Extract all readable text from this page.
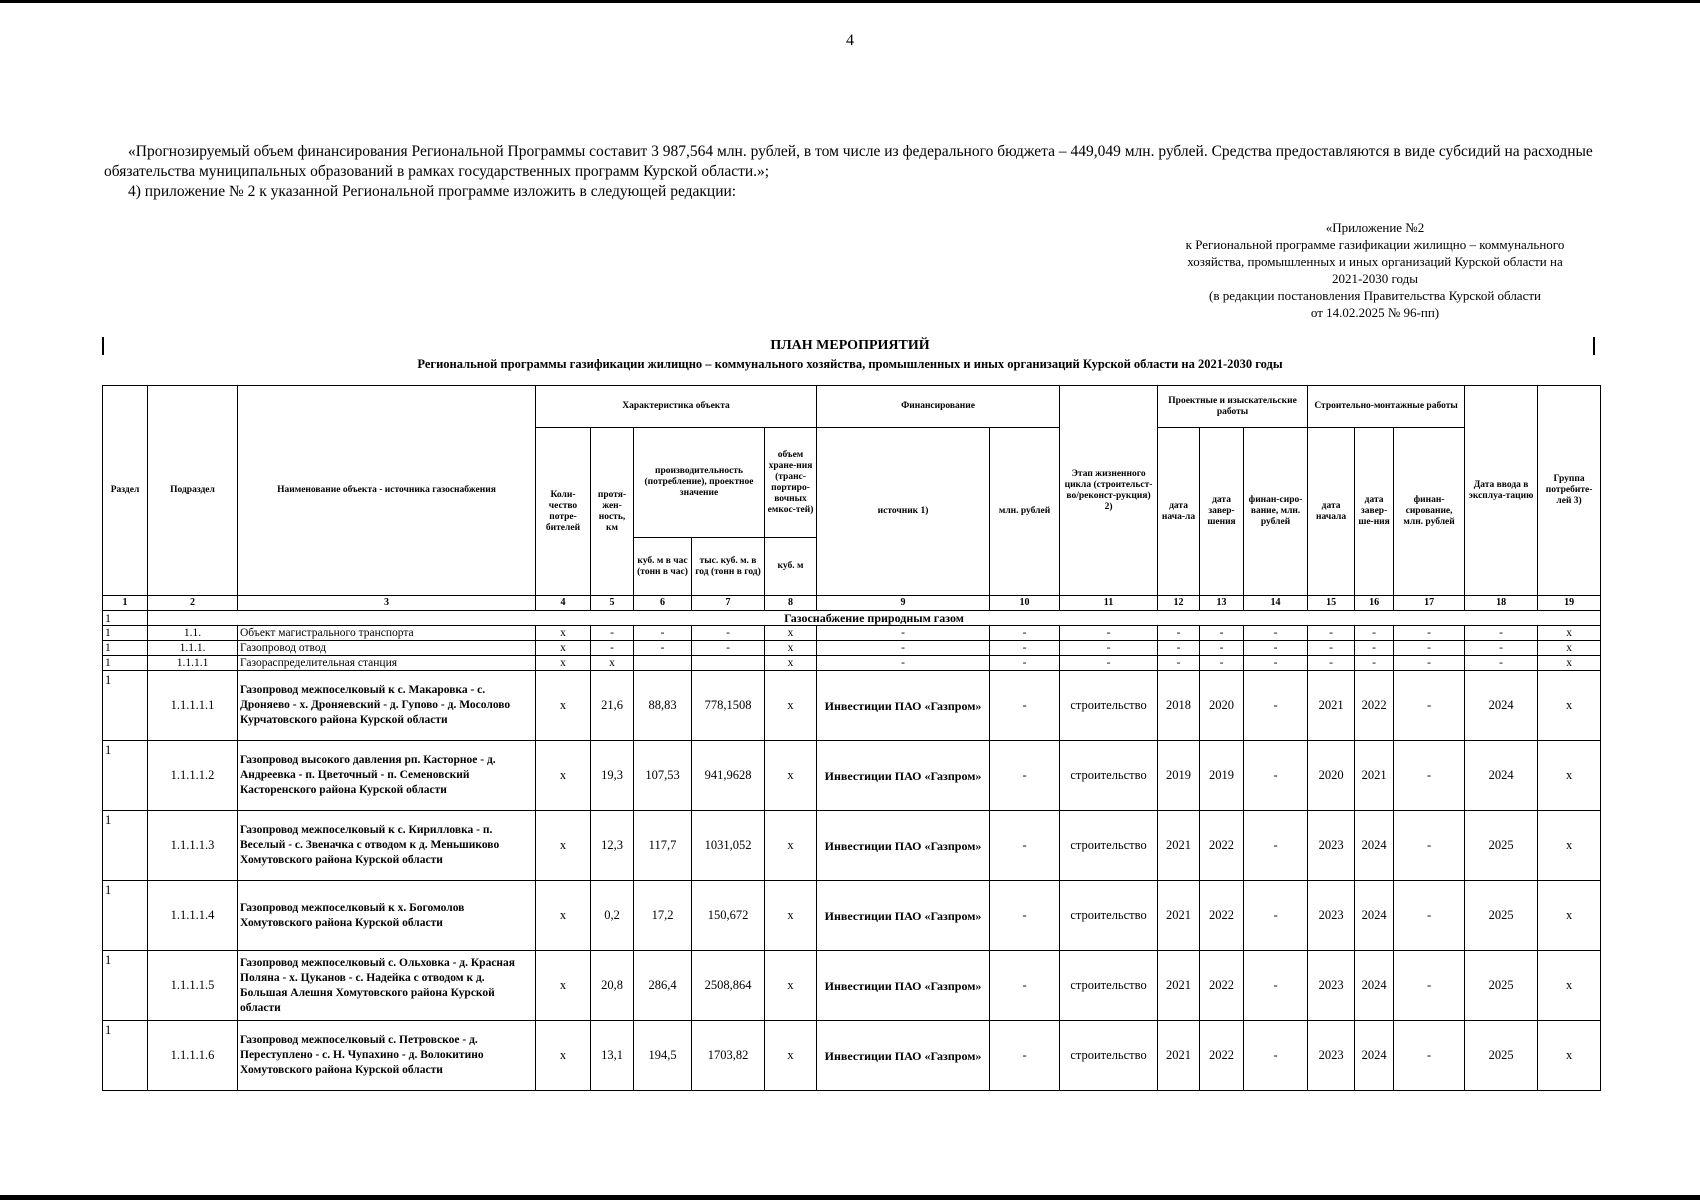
4

«Прогнозируемый объем финансирования Региональной Программы составит 3 987,564 млн. рублей, в том числе из федерального бюджета – 449,049 млн. рублей. Средства предоставляются в виде субсидий на расходные обязательства муниципальных образований в рамках государственных программ Курской области.»;

4) приложение № 2 к указанной Региональной программе изложить в следующей редакции:

«Приложение №2
к Региональной программе газификации жилищно – коммунального
хозяйства, промышленных и иных организаций Курской области на
2021-2030 годы
(в редакции постановления Правительства Курской области
от 14.02.2025 № 96-пп)
ПЛАН МЕРОПРИЯТИЙ
Региональной программы газификации жилищно – коммунального хозяйства, промышленных и иных организаций Курской области на 2021-2030 годы
Раздел	Подраздел	Наименование объекта - источника газоснабжения	Характеристика объекта					Финансирование		Этап жизненного цикла (строительст-во/реконст-рукция) 2)	Проектные и изыскательские работы			Строительно-монтажные работы			Дата ввода в эксплуа-тацию	Группа потребите-лей 3)
			Коли-чество потре-бителей	протя-жен-ность, км	производительность (потребление), проектное значение		объем хране-ния (транс-портиро-вочных емкос-тей)	источник 1)	млн. рублей		дата нача-ла	дата завер-шения	финан-сиро-вание, млн. рублей	дата начала	дата завер-ше-ния	финан-сирование, млн. рублей		
					куб. м в час (тонн в час)	тыс. куб. м. в год (тонн в год)	куб. м											
1	2	3	4	5	6	7	8	9	10	11	12	13	14	15	16	17	18	19
1	Газоснабжение природным газом																	
1	1.1.	Объект магистрального транспорта	x	-	-	-	x	-	-	-	-	-	-	-	-	-	-	x
1	1.1.1.	Газопровод отвод	x	-	-	-	x	-	-	-	-	-	-	-	-	-	-	x
1	1.1.1.1	Газораспределительная станция	x	x			x	-	-	-	-	-	-	-	-	-	-	x
1	1.1.1.1.1	Газопровод межпоселковый к с. Макаровка - с. Дроняево - х. Дроняевский - д. Гупово - д. Мосолово Курчатовского района Курской области	x	21,6	88,83	778,1508	x	Инвестиции ПАО «Газпром»	-	строительство	2018	2020	-	2021	2022	-	2024	x
1	1.1.1.1.2	Газопровод высокого давления рп. Касторное - д. Андреевка - п. Цветочный - п. Семеновский Касторенского района Курской области	x	19,3	107,53	941,9628	x	Инвестиции ПАО «Газпром»	-	строительство	2019	2019	-	2020	2021	-	2024	x
1	1.1.1.1.3	Газопровод межпоселковый к с. Кирилловка - п. Веселый - с. Звеначка с отводом к д. Меньшиково Хомутовского района Курской области	x	12,3	117,7	1031,052	x	Инвестиции ПАО «Газпром»	-	строительство	2021	2022	-	2023	2024	-	2025	x
1	1.1.1.1.4	Газопровод межпоселковый к х. Богомолов Хомутовского района Курской области	x	0,2	17,2	150,672	x	Инвестиции ПАО «Газпром»	-	строительство	2021	2022	-	2023	2024	-	2025	x
1	1.1.1.1.5	Газопровод межпоселковый с. Ольховка - д. Красная Поляна - х. Цуканов - с. Надейка с отводом к д. Большая Алешня Хомутовского района Курской области	x	20,8	286,4	2508,864	x	Инвестиции ПАО «Газпром»	-	строительство	2021	2022	-	2023	2024	-	2025	x
1	1.1.1.1.6	Газопровод межпоселковый с. Петровское - д. Переступлено - с. Н. Чупахино - д. Волокитино Хомутовского района Курской области	x	13,1	194,5	1703,82	x	Инвестиции ПАО «Газпром»	-	строительство	2021	2022	-	2023	2024	-	2025	x
